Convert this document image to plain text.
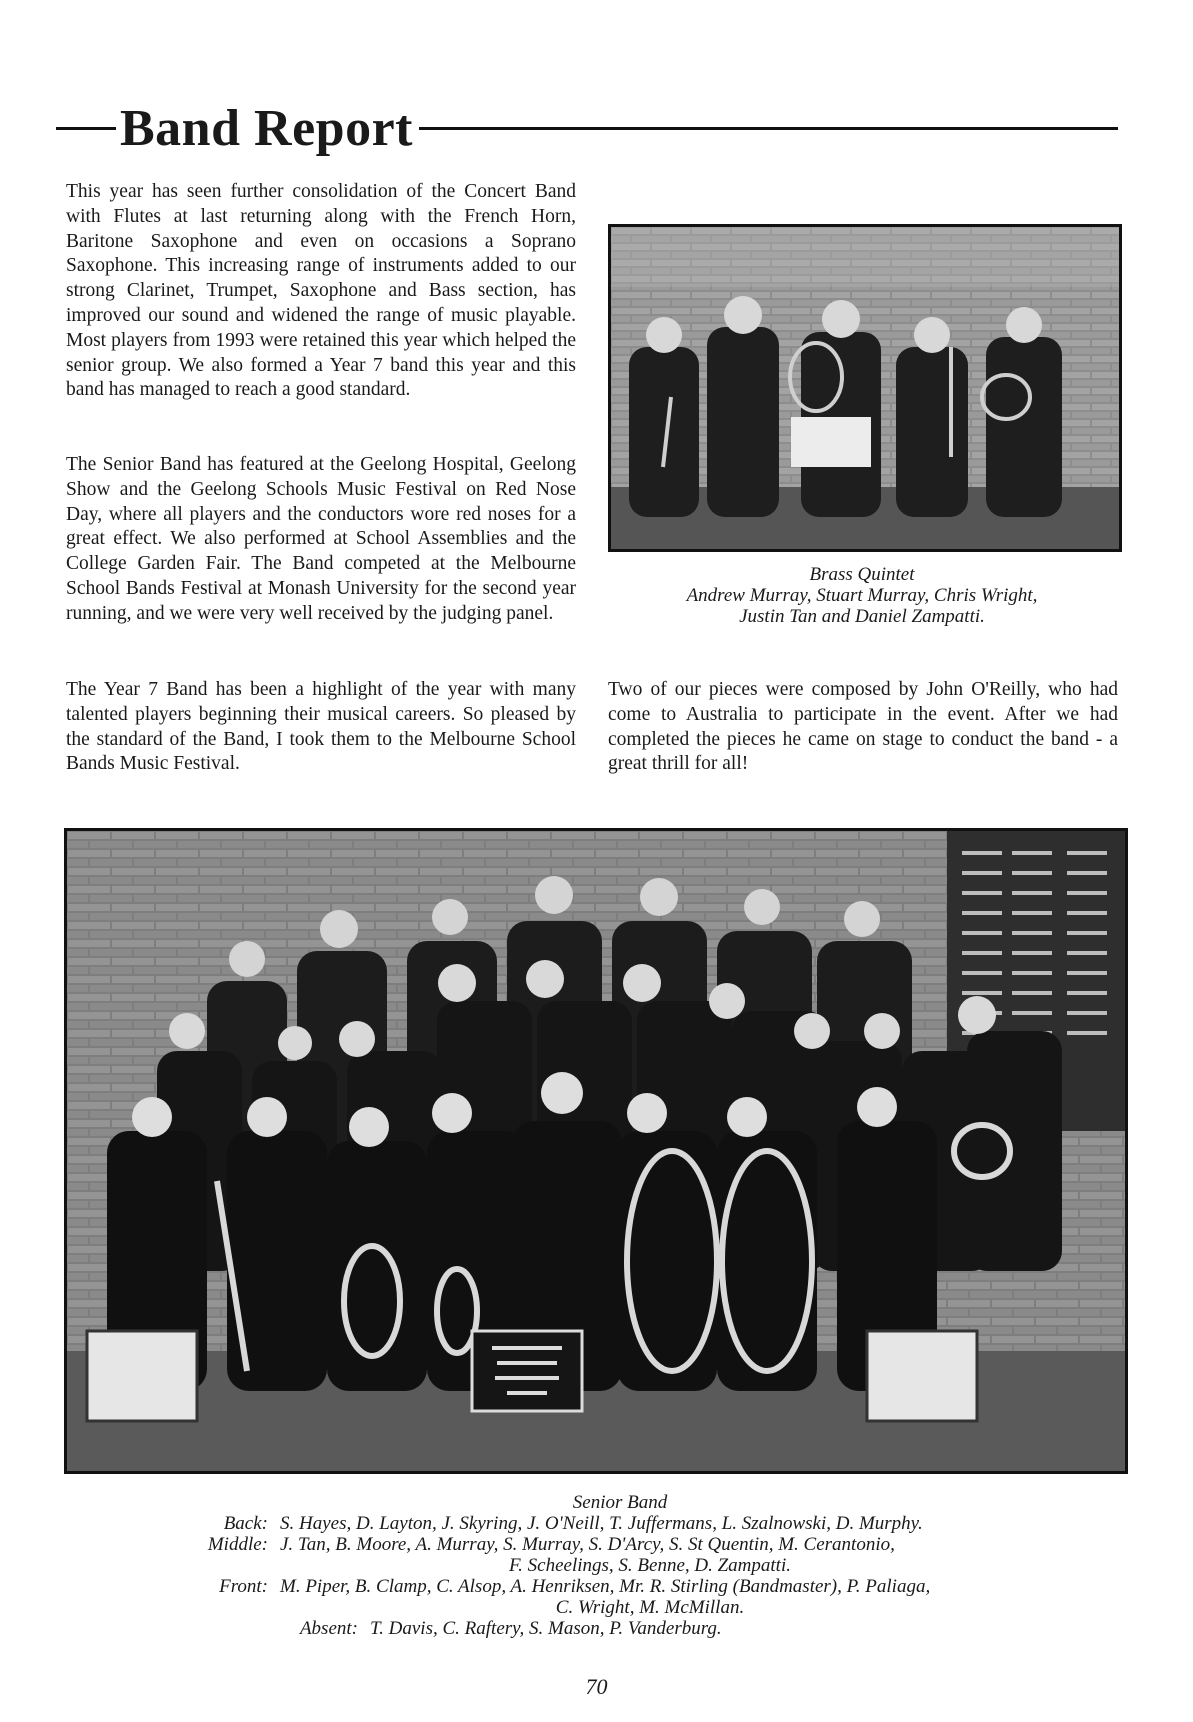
Band Report

This year has seen further consolidation of the Concert Band with Flutes at last returning along with the French Horn, Baritone Saxophone and even on occasions a Soprano Saxophone. This increasing range of instruments added to our strong Clarinet, Trumpet, Saxophone and Bass section, has improved our sound and widened the range of music playable. Most players from 1993 were retained this year which helped the senior group. We also formed a Year 7 band this year and this band has managed to reach a good standard.

The Senior Band has featured at the Geelong Hospital, Geelong Show and the Geelong Schools Music Festival on Red Nose Day, where all players and the conductors wore red noses for a great effect. We also performed at School Assemblies and the College Garden Fair. The Band competed at the Melbourne School Bands Festival at Monash University for the second year running, and we were very well received by the judging panel.

The Year 7 Band has been a highlight of the year with many talented players beginning their musical careers. So pleased by the standard of the Band, I took them to the Melbourne School Bands Music Festival.

Two of our pieces were composed by John O'Reilly, who had come to Australia to participate in the event. After we had completed the pieces he came on stage to conduct the band - a great thrill for all!

Brass Quintet
Andrew Murray, Stuart Murray, Chris Wright,
Justin Tan and Daniel Zampatti.
Senior Band
Back: S. Hayes, D. Layton, J. Skyring, J. O'Neill, T. Juffermans, L. Szalnowski, D. Murphy.
Middle: J. Tan, B. Moore, A. Murray, S. Murray, S. D'Arcy, S. St Quentin, M. Cerantonio,
F. Scheelings, S. Benne, D. Zampatti.
Front: M. Piper, B. Clamp, C. Alsop, A. Henriksen, Mr. R. Stirling (Bandmaster), P. Paliaga,
C. Wright, M. McMillan.
Absent: T. Davis, C. Raftery, S. Mason, P. Vanderburg.
70
